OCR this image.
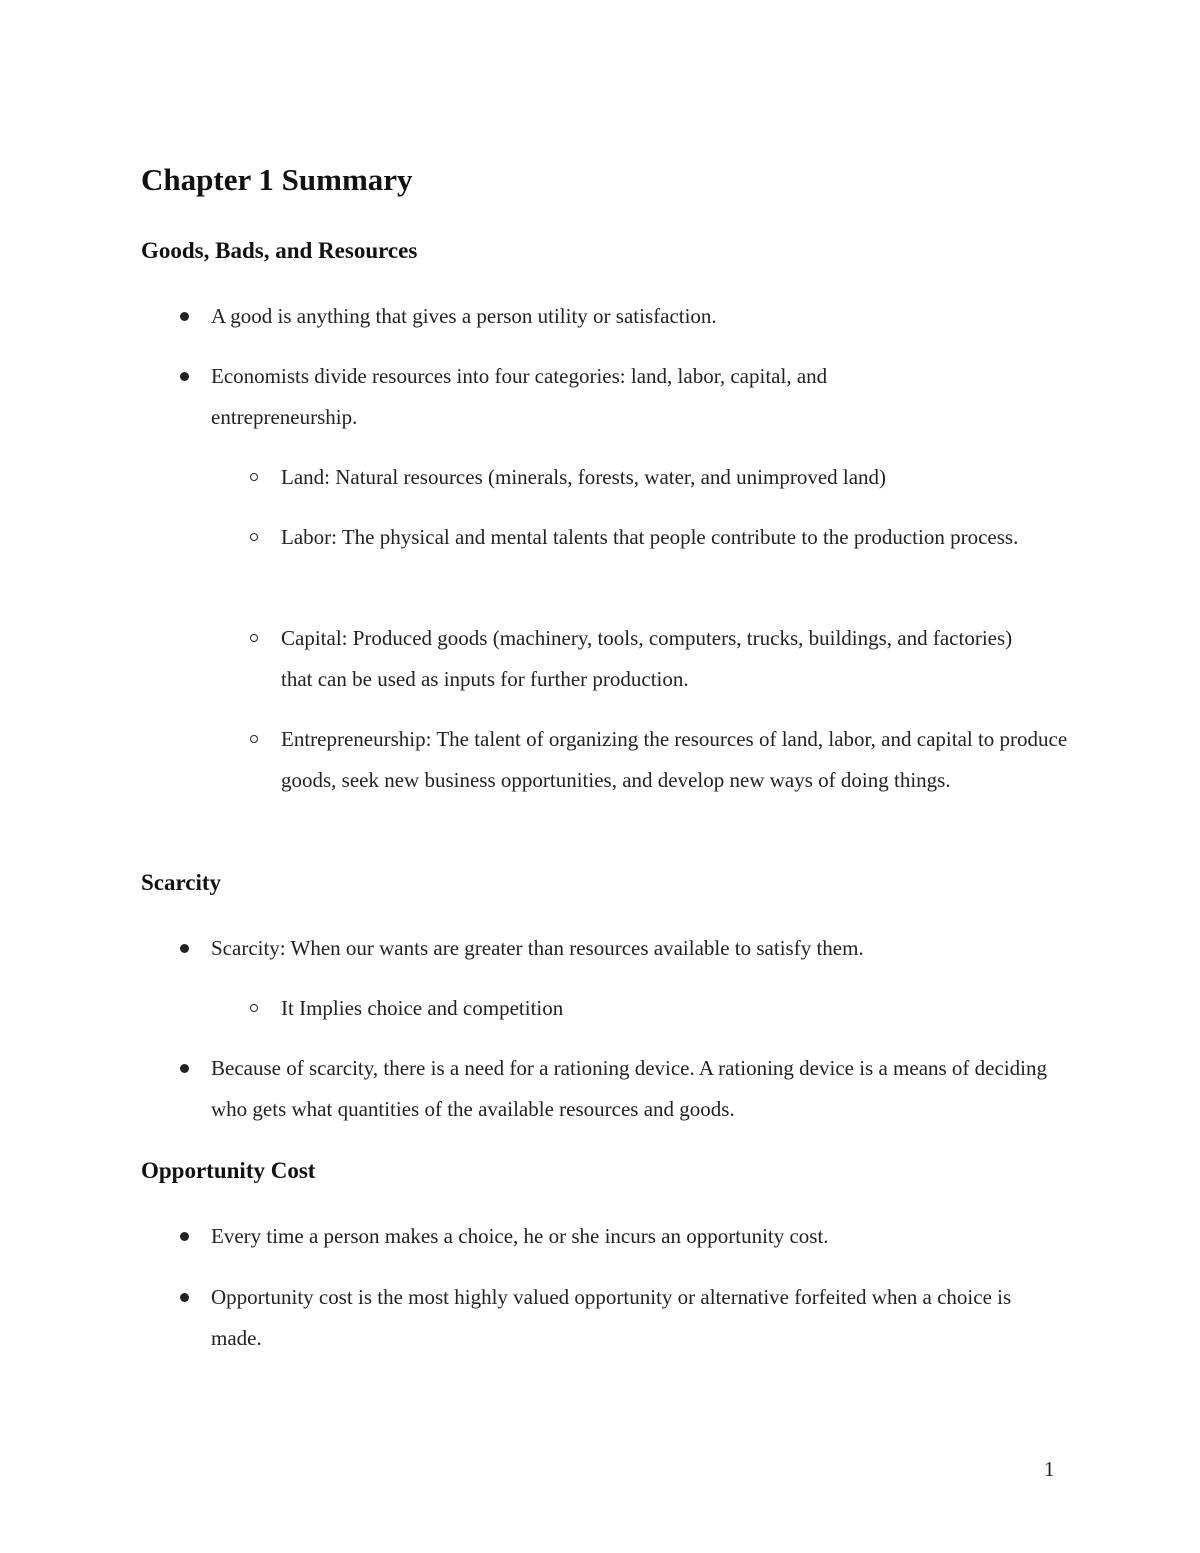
Chapter 1 Summary
Goods, Bads, and Resources

A good is anything that gives a person utility or satisfaction.

Economists divide resources into four categories: land, labor, capital, and entrepreneurship.

Land: Natural resources (minerals, forests, water, and unimproved land)

Labor: The physical and mental talents that people contribute to the production process.

Capital: Produced goods (machinery, tools, computers, trucks, buildings, and factories) that can be used as inputs for further production.

Entrepreneurship: The talent of organizing the resources of land, labor, and capital to produce goods, seek new business opportunities, and develop new ways of doing things.

Scarcity

Scarcity: When our wants are greater than resources available to satisfy them.

It Implies choice and competition

Because of scarcity, there is a need for a rationing device. A rationing device is a means of deciding who gets what quantities of the available resources and goods.

Opportunity Cost

Every time a person makes a choice, he or she incurs an opportunity cost.

Opportunity cost is the most highly valued opportunity or alternative forfeited when a choice is made.

1
